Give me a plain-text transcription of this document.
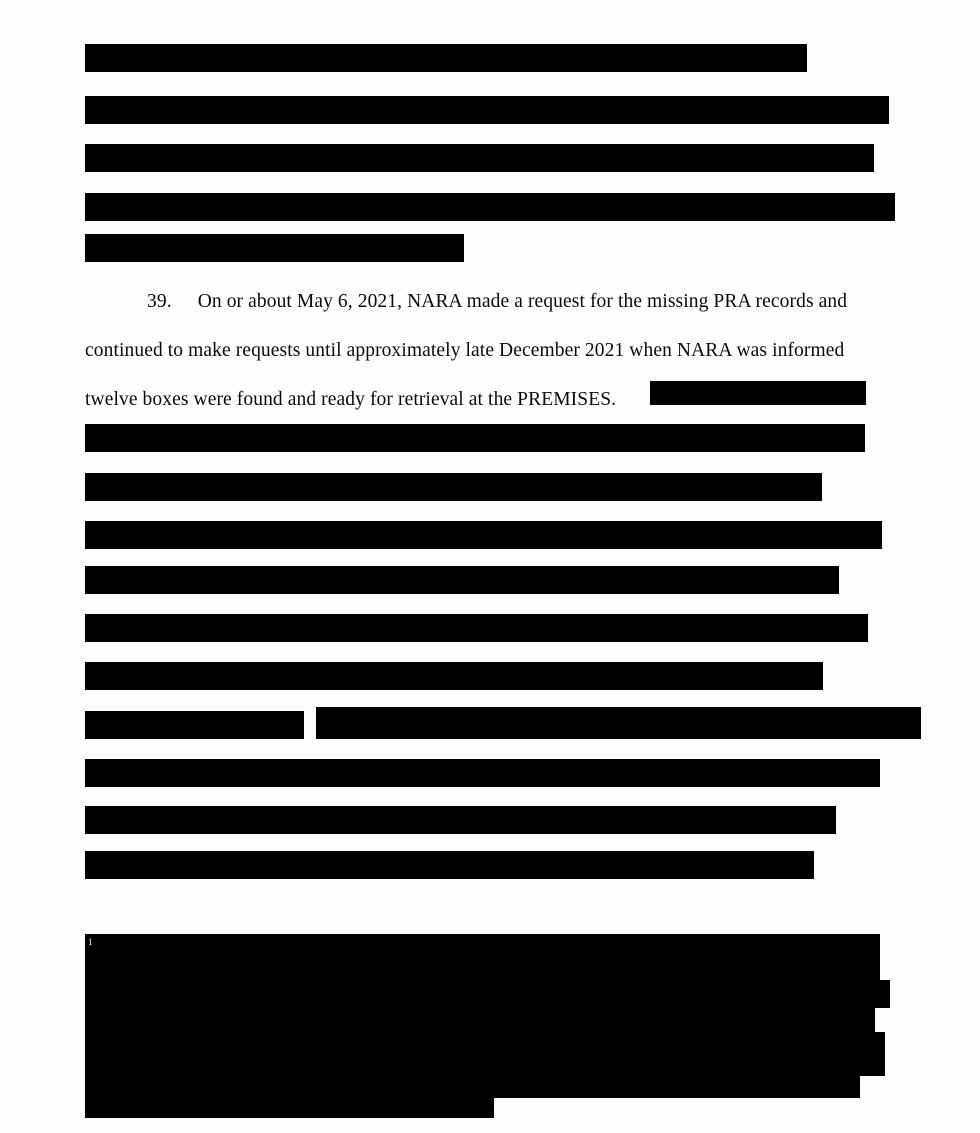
39. On or about May 6, 2021, NARA made a request for the missing PRA records and
continued to make requests until approximately late December 2021 when NARA was informed
twelve boxes were found and ready for retrieval at the PREMISES.
1
